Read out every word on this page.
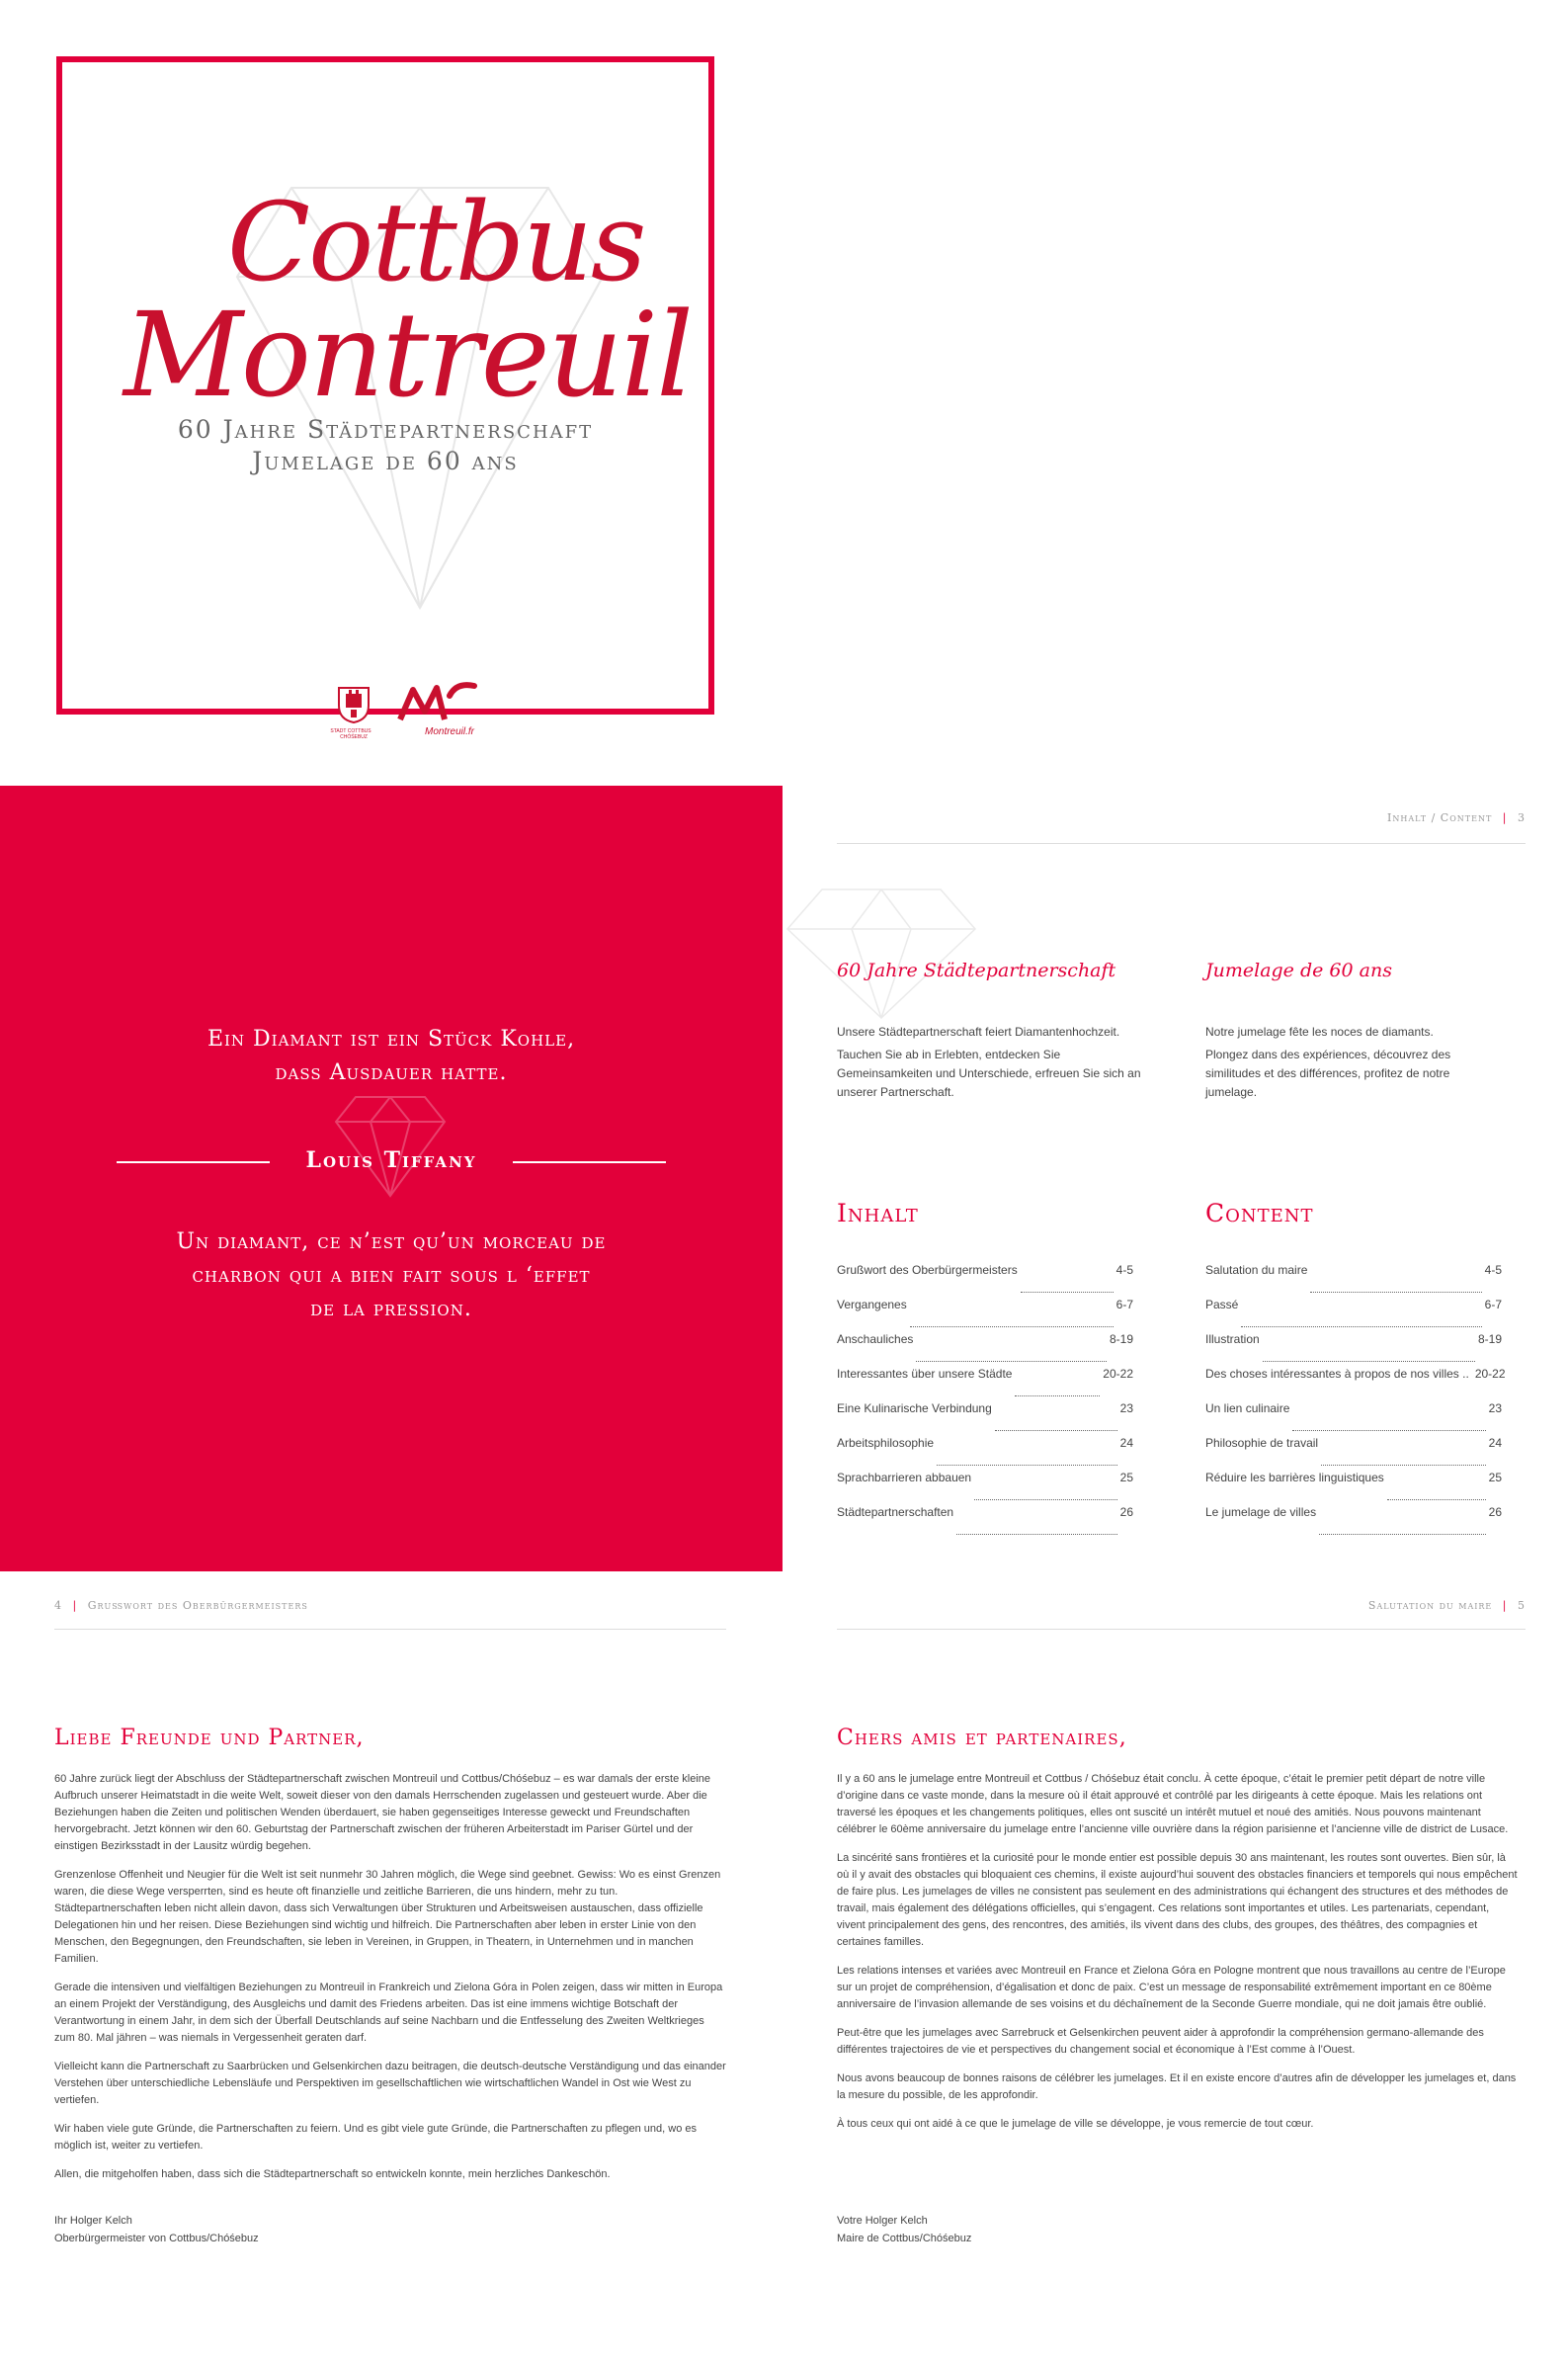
Cottbus
Montreuil
60 Jahre Städtepartnerschaft
Jumelage de 60 ans
STADT COTTBUS
CHÓŚEBUZ	Montreuil.fr
Ein Diamant ist ein Stück Kohle,
dass Ausdauer hatte.
Louis Tiffany
Un diamant, ce n’est qu’un morceau de
charbon qui a bien fait sous l ‘effet
de la pression.
Inhalt / Content | 3
60 Jahre Städtepartnerschaft
Unsere Städtepartnerschaft feiert Diamantenhochzeit.
Tauchen Sie ab in Erlebten, entdecken Sie Gemeinsamkeiten und Unterschiede, erfreuen Sie sich an unserer Partnerschaft.
Jumelage de 60 ans
Notre jumelage fête les noces de diamants.
Plongez dans des expériences, découvrez des similitudes et des différences, profitez de notre jumelage.
Inhalt	Content
Grußwort des Oberbürgermeisters	4-5
Vergangenes	6-7
Anschauliches	8-19
Interessantes über unsere Städte	20-22
Eine Kulinarische Verbindung	23
Arbeitsphilosophie	24
Sprachbarrieren abbauen	25
Städtepartnerschaften	26
Salutation du maire	4-5
Passé	6-7
Illustration	8-19
Des choses intéressantes à propos de nos villes .. 20-22
Un lien culinaire	23
Philosophie de travail	24
Réduire les barrières linguistiques	25
Le jumelage de villes	26
4 | Grußwort des Oberbürgermeisters
Liebe Freunde und Partner,

60 Jahre zurück liegt der Abschluss der Städtepartnerschaft zwischen Montreuil und Cottbus/Chóśebuz – es war damals der erste kleine Aufbruch unserer Heimatstadt in die weite Welt, soweit dieser von den damals Herrschenden zugelassen und gesteuert wurde. Aber die Beziehungen haben die Zeiten und politischen Wenden überdauert, sie haben gegenseitiges Interesse geweckt und Freundschaften hervorgebracht. Jetzt können wir den 60. Geburtstag der Partnerschaft zwischen der früheren Arbeiterstadt im Pariser Gürtel und der einstigen Bezirksstadt in der Lausitz würdig begehen.

Grenzenlose Offenheit und Neugier für die Welt ist seit nunmehr 30 Jahren möglich, die Wege sind geebnet. Gewiss: Wo es einst Grenzen waren, die diese Wege versperrten, sind es heute oft finanzielle und zeitliche Barrieren, die uns hindern, mehr zu tun. Städtepartnerschaften leben nicht allein davon, dass sich Verwaltungen über Strukturen und Arbeitsweisen austauschen, dass offizielle Delegationen hin und her reisen. Diese Beziehungen sind wichtig und hilfreich. Die Partnerschaften aber leben in erster Linie von den Menschen, den Begegnungen, den Freundschaften, sie leben in Vereinen, in Gruppen, in Theatern, in Unternehmen und in manchen Familien.

Gerade die intensiven und vielfältigen Beziehungen zu Montreuil in Frankreich und Zielona Góra in Polen zeigen, dass wir mitten in Europa an einem Projekt der Verständigung, des Ausgleichs und damit des Friedens arbeiten. Das ist eine immens wichtige Botschaft der Verantwortung in einem Jahr, in dem sich der Überfall Deutschlands auf seine Nachbarn und die Entfesselung des Zweiten Weltkrieges zum 80. Mal jähren – was niemals in Vergessenheit geraten darf.

Vielleicht kann die Partnerschaft zu Saarbrücken und Gelsenkirchen dazu beitragen, die deutsch-deutsche Verständigung und das einander Verstehen über unterschiedliche Lebensläufe und Perspektiven im gesellschaftlichen wie wirtschaftlichen Wandel in Ost wie West zu vertiefen.

Wir haben viele gute Gründe, die Partnerschaften zu feiern. Und es gibt viele gute Gründe, die Partnerschaften zu pflegen und, wo es möglich ist, weiter zu vertiefen.

Allen, die mitgeholfen haben, dass sich die Städtepartnerschaft so entwickeln konnte, mein herzliches Dankeschön.

Ihr Holger Kelch
Oberbürgermeister von Cottbus/Chóśebuz
Salutation du maire | 5
Chers amis et partenaires,

Il y a 60 ans le jumelage entre Montreuil et Cottbus / Chóśebuz était conclu. À cette époque, c’était le premier petit départ de notre ville d’origine dans ce vaste monde, dans la mesure où il était approuvé et contrôlé par les dirigeants à cette époque. Mais les relations ont traversé les époques et les changements politiques, elles ont suscité un intérêt mutuel et noué des amitiés. Nous pouvons maintenant célébrer le 60ème anniversaire du jumelage entre l’ancienne ville ouvrière dans la région parisienne et l’ancienne ville de district de Lusace.

La sincérité sans frontières et la curiosité pour le monde entier est possible depuis 30 ans maintenant, les routes sont ouvertes. Bien sûr, là où il y avait des obstacles qui bloquaient ces chemins, il existe aujourd’hui souvent des obstacles financiers et temporels qui nous empêchent de faire plus. Les jumelages de villes ne consistent pas seulement en des administrations qui échangent des structures et des méthodes de travail, mais également des délégations officielles, qui s’engagent. Ces relations sont importantes et utiles. Les partenariats, cependant, vivent principalement des gens, des rencontres, des amitiés, ils vivent dans des clubs, des groupes, des théâtres, des compagnies et certaines familles.

Les relations intenses et variées avec Montreuil en France et Zielona Góra en Pologne montrent que nous travaillons au centre de l’Europe sur un projet de compréhension, d’égalisation et donc de paix. C’est un message de responsabilité extrêmement important en ce 80ème anniversaire de l’invasion allemande de ses voisins et du déchaînement de la Seconde Guerre mondiale, qui ne doit jamais être oublié.

Peut-être que les jumelages avec Sarrebruck et Gelsenkirchen peuvent aider à approfondir la compréhension germano-allemande des différentes trajectoires de vie et perspectives du changement social et économique à l’Est comme à l’Ouest.

Nous avons beaucoup de bonnes raisons de célébrer les jumelages. Et il en existe encore d’autres afin de développer les jumelages et, dans la mesure du possible, de les approfondir.

À tous ceux qui ont aidé à ce que le jumelage de ville se développe, je vous remercie de tout cœur.

Votre Holger Kelch
Maire de Cottbus/Chóśebuz
